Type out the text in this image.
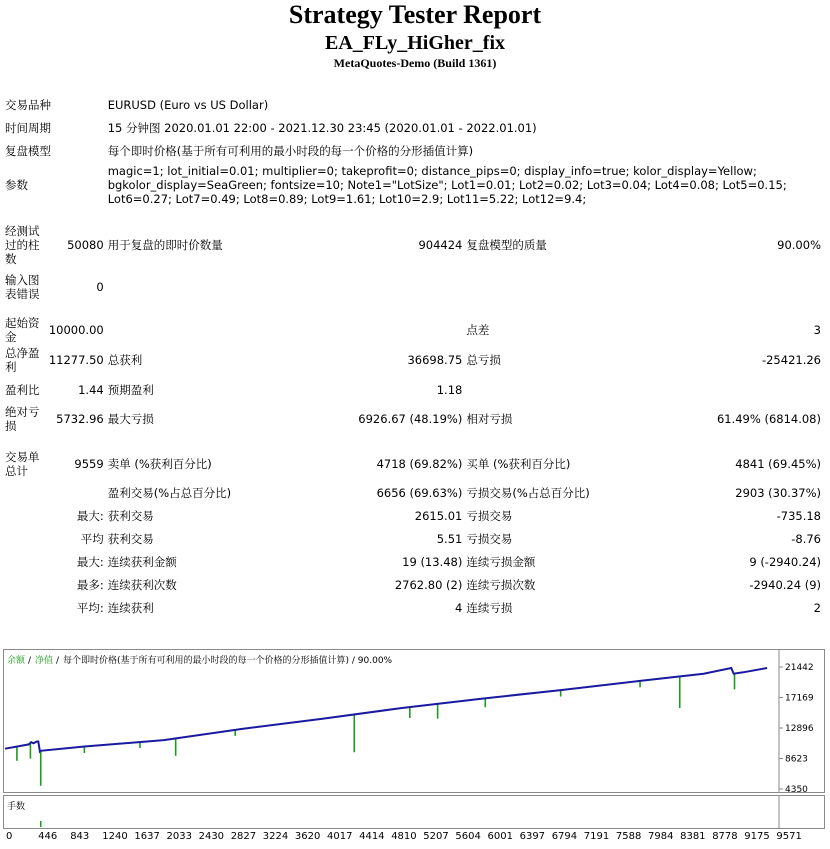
Strategy Tester Report
EA_FLy_HiGher_fix
MetaQuotes-Demo (Build 1361)
交易品种		EURUSD (Euro vs US Dollar)			
时间周期		15 分钟图 2020.01.01 22:00 - 2021.12.30 23:45 (2020.01.01 - 2022.01.01)			
复盘模型		每个即时价格(基于所有可利用的最小时段的每一个价格的分形插值计算)			
参数		magic=1; lot_initial=0.01; multiplier=0; takeprofit=0; distance_pips=0; display_info=true; kolor_display=Yellow; bgkolor_display=SeaGreen; fontsize=10; Note1="LotSize"; Lot1=0.01; Lot2=0.02; Lot3=0.04; Lot4=0.08; Lot5=0.15; Lot6=0.27; Lot7=0.49; Lot8=0.89; Lot9=1.61; Lot10=2.9; Lot11=5.22; Lot12=9.4;			

经测试过的柱数	50080	用于复盘的即时价数量	904424	复盘模型的质量	90.00%
输入图表错误	0				

起始资金	10000.00			点差	3
总净盈利	11277.50	总获利	36698.75	总亏损	-25421.26
盈利比	1.44	预期盈利	1.18		
绝对亏损	5732.96	最大亏损	6926.67 (48.19%)	相对亏损	61.49% (6814.08)

交易单总计	9559	卖单 (%获利百分比)	4718 (69.82%)	买单 (%获利百分比)	4841 (69.45%)
		盈利交易(%占总百分比)	6656 (69.63%)	亏损交易(%占总百分比)	2903 (30.37%)
最大:		获利交易	2615.01	亏损交易	-735.18
平均		获利交易	5.51	亏损交易	-8.76
最大:		连续获利金额	19 (13.48)	连续亏损金额	9 (-2940.24)
最多:		连续获利次数	2762.80 (2)	连续亏损次数	-2940.24 (9)
平均:		连续获利	4	连续亏损	2
余额 / 净值 / 每个即时价格(基于所有可利用的最小时段的每一个价格的分形插值计算) / 90.00%
手数
21442
17169
12896
8623
4350
0	446 843 1240 1637 2033 2430 2827 3224 3620 4017 4414 4810 5207 5604 6001 6397 6794 7191 7588 7984 8381 8778 9175 9571
